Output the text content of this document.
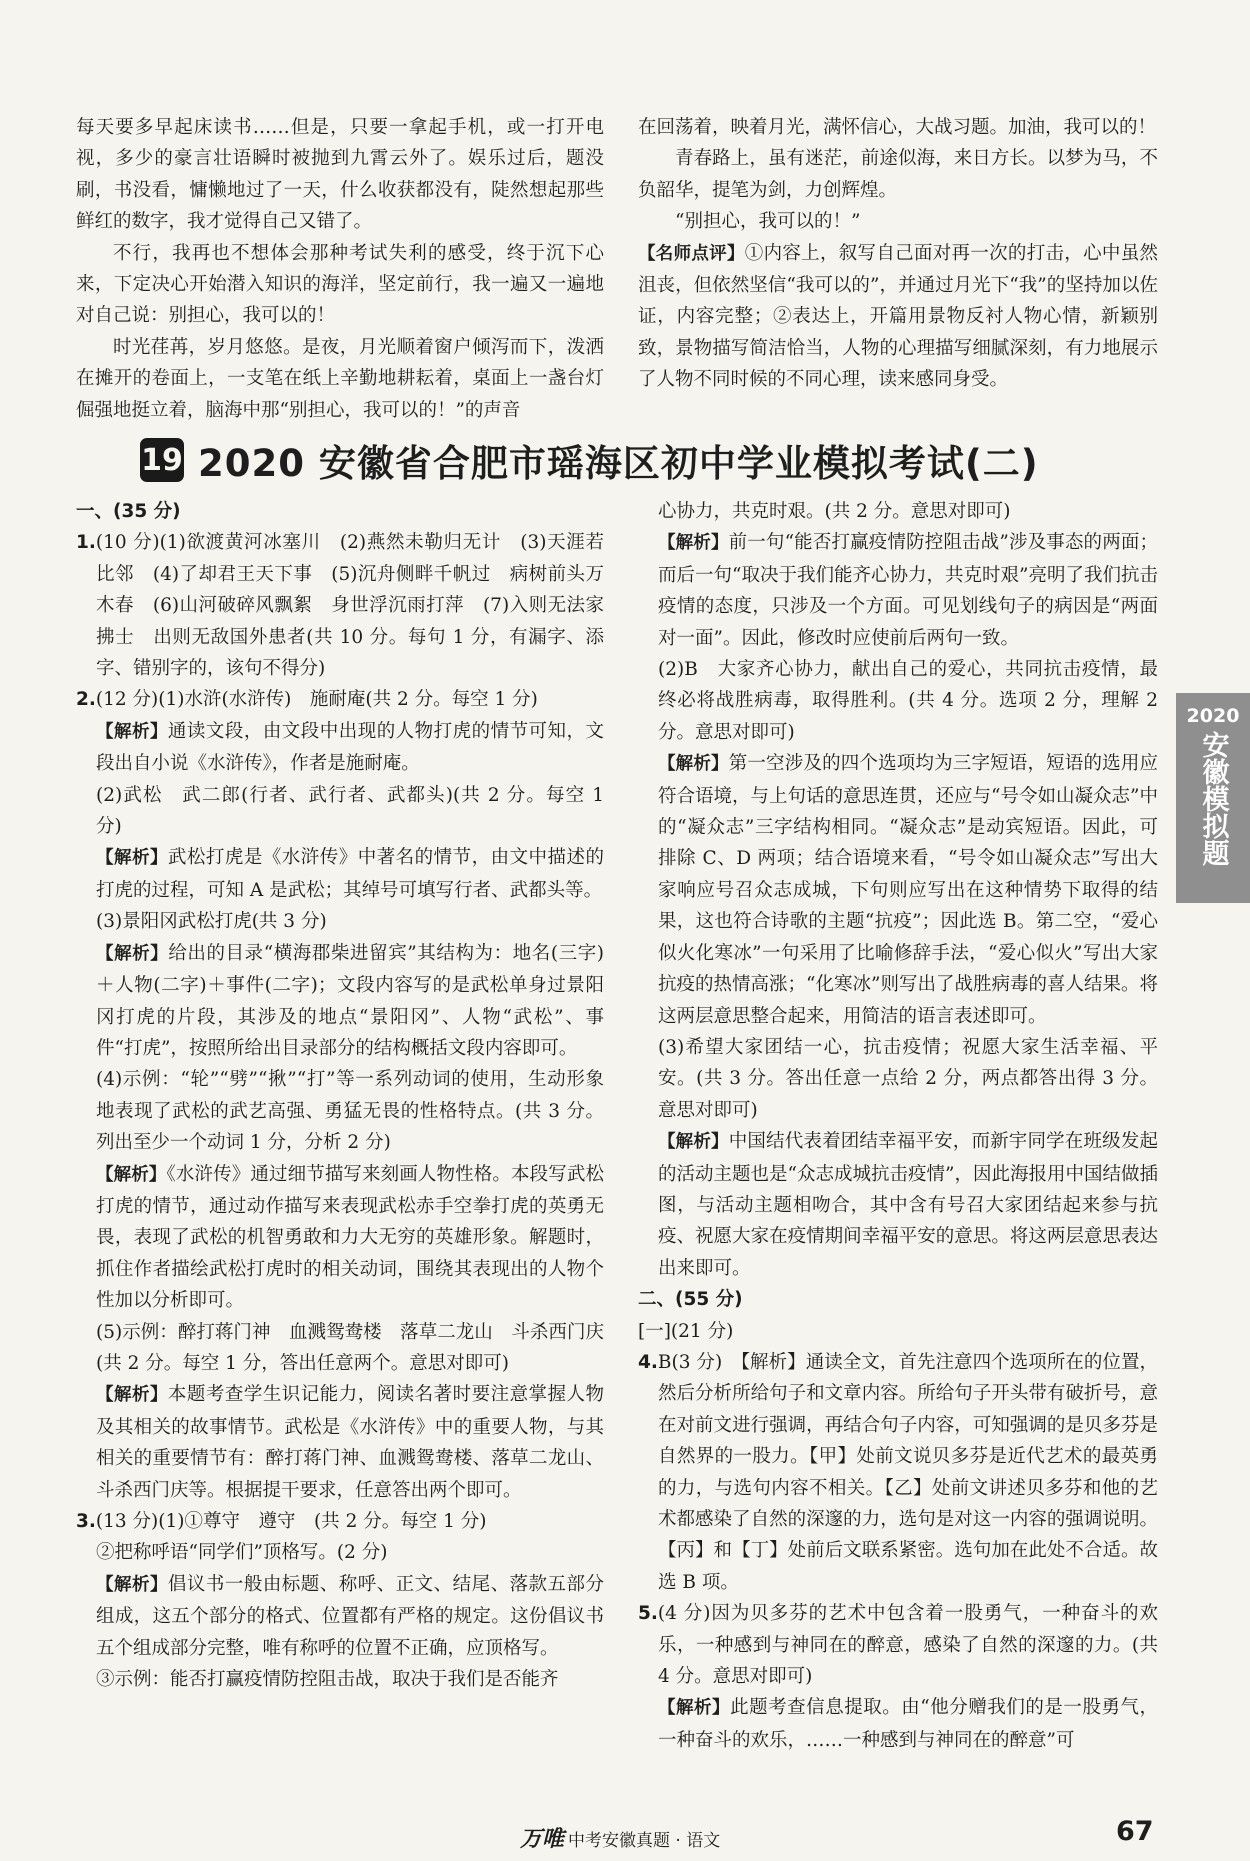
每天要多早起床读书……但是，只要一拿起手机，或一打开电视，多少的豪言壮语瞬时被抛到九霄云外了。娱乐过后，题没刷，书没看，慵懒地过了一天，什么收获都没有，陡然想起那些鲜红的数字，我才觉得自己又错了。

不行，我再也不想体会那种考试失利的感受，终于沉下心来，下定决心开始潜入知识的海洋，坚定前行，我一遍又一遍地对自己说：别担心，我可以的！

时光荏苒，岁月悠悠。是夜，月光顺着窗户倾泻而下，泼洒在摊开的卷面上，一支笔在纸上辛勤地耕耘着，桌面上一盏台灯倔强地挺立着，脑海中那“别担心，我可以的！”的声音

在回荡着，映着月光，满怀信心，大战习题。加油，我可以的！

青春路上，虽有迷茫，前途似海，来日方长。以梦为马，不负韶华，提笔为剑，力创辉煌。

“别担心，我可以的！”

【名师点评】①内容上，叙写自己面对再一次的打击，心中虽然沮丧，但依然坚信“我可以的”，并通过月光下“我”的坚持加以佐证，内容完整；②表达上，开篇用景物反衬人物心情，新颖别致，景物描写简洁恰当，人物的心理描写细腻深刻，有力地展示了人物不同时候的不同心理，读来感同身受。

19 2020 安徽省合肥市瑶海区初中学业模拟考试(二)

一、(35 分)

1.(10 分)(1)欲渡黄河冰塞川　(2)燕然未勒归无计　(3)天涯若比邻　(4)了却君王天下事　(5)沉舟侧畔千帆过　病树前头万木春　(6)山河破碎风飘絮　身世浮沉雨打萍　(7)入则无法家拂士　出则无敌国外患者(共 10 分。每句 1 分，有漏字、添字、错别字的，该句不得分)

2.(12 分)(1)水浒(水浒传)　施耐庵(共 2 分。每空 1 分)

【解析】通读文段，由文段中出现的人物打虎的情节可知，文段出自小说《水浒传》，作者是施耐庵。

(2)武松　武二郎(行者、武行者、武都头)(共 2 分。每空 1 分)

【解析】武松打虎是《水浒传》中著名的情节，由文中描述的打虎的过程，可知 A 是武松；其绰号可填写行者、武都头等。

(3)景阳冈武松打虎(共 3 分)

【解析】给出的目录“横海郡柴进留宾”其结构为：地名(三字)＋人物(二字)＋事件(二字)；文段内容写的是武松单身过景阳冈打虎的片段，其涉及的地点“景阳冈”、人物“武松”、事件“打虎”，按照所给出目录部分的结构概括文段内容即可。

(4)示例：“轮”“劈”“揪”“打”等一系列动词的使用，生动形象地表现了武松的武艺高强、勇猛无畏的性格特点。(共 3 分。列出至少一个动词 1 分，分析 2 分)

【解析】《水浒传》通过细节描写来刻画人物性格。本段写武松打虎的情节，通过动作描写来表现武松赤手空拳打虎的英勇无畏，表现了武松的机智勇敢和力大无穷的英雄形象。解题时，抓住作者描绘武松打虎时的相关动词，围绕其表现出的人物个性加以分析即可。

(5)示例：醉打蒋门神　血溅鸳鸯楼　落草二龙山　斗杀西门庆(共 2 分。每空 1 分，答出任意两个。意思对即可)

【解析】本题考查学生识记能力，阅读名著时要注意掌握人物及其相关的故事情节。武松是《水浒传》中的重要人物，与其相关的重要情节有：醉打蒋门神、血溅鸳鸯楼、落草二龙山、斗杀西门庆等。根据提干要求，任意答出两个即可。

3.(13 分)(1)①尊守　遵守　(共 2 分。每空 1 分)

②把称呼语“同学们”顶格写。(2 分)

【解析】倡议书一般由标题、称呼、正文、结尾、落款五部分组成，这五个部分的格式、位置都有严格的规定。这份倡议书五个组成部分完整，唯有称呼的位置不正确，应顶格写。

③示例：能否打赢疫情防控阻击战，取决于我们是否能齐

心协力，共克时艰。(共 2 分。意思对即可)

【解析】前一句“能否打赢疫情防控阻击战”涉及事态的两面；而后一句“取决于我们能齐心协力，共克时艰”亮明了我们抗击疫情的态度，只涉及一个方面。可见划线句子的病因是“两面对一面”。因此，修改时应使前后两句一致。

(2)B　大家齐心协力，献出自己的爱心，共同抗击疫情，最终必将战胜病毒，取得胜利。(共 4 分。选项 2 分，理解 2 分。意思对即可)

【解析】第一空涉及的四个选项均为三字短语，短语的选用应符合语境，与上句话的意思连贯，还应与“号令如山凝众志”中的“凝众志”三字结构相同。“凝众志”是动宾短语。因此，可排除 C、D 两项；结合语境来看，“号令如山凝众志”写出大家响应号召众志成城，下句则应写出在这种情势下取得的结果，这也符合诗歌的主题“抗疫”；因此选 B。第二空，“爱心似火化寒冰”一句采用了比喻修辞手法，“爱心似火”写出大家抗疫的热情高涨；“化寒冰”则写出了战胜病毒的喜人结果。将这两层意思整合起来，用简洁的语言表述即可。

(3)希望大家团结一心，抗击疫情；祝愿大家生活幸福、平安。(共 3 分。答出任意一点给 2 分，两点都答出得 3 分。意思对即可)

【解析】中国结代表着团结幸福平安，而新宇同学在班级发起的活动主题也是“众志成城抗击疫情”，因此海报用中国结做插图，与活动主题相吻合，其中含有号召大家团结起来参与抗疫、祝愿大家在疫情期间幸福平安的意思。将这两层意思表达出来即可。

二、(55 分)

[一](21 分)

4.B(3 分)　【解析】通读全文，首先注意四个选项所在的位置，然后分析所给句子和文章内容。所给句子开头带有破折号，意在对前文进行强调，再结合句子内容，可知强调的是贝多芬是自然界的一股力。【甲】处前文说贝多芬是近代艺术的最英勇的力，与选句内容不相关。【乙】处前文讲述贝多芬和他的艺术都感染了自然的深邃的力，选句是对这一内容的强调说明。【丙】和【丁】处前后文联系紧密。选句加在此处不合适。故选 B 项。

5.(4 分)因为贝多芬的艺术中包含着一股勇气，一种奋斗的欢乐，一种感到与神同在的醉意，感染了自然的深邃的力。(共 4 分。意思对即可)

【解析】此题考查信息提取。由“他分赠我们的是一股勇气，一种奋斗的欢乐，……一种感到与神同在的醉意”可

2020
安徽模拟题
万唯 中考安徽真题 · 语文	67
